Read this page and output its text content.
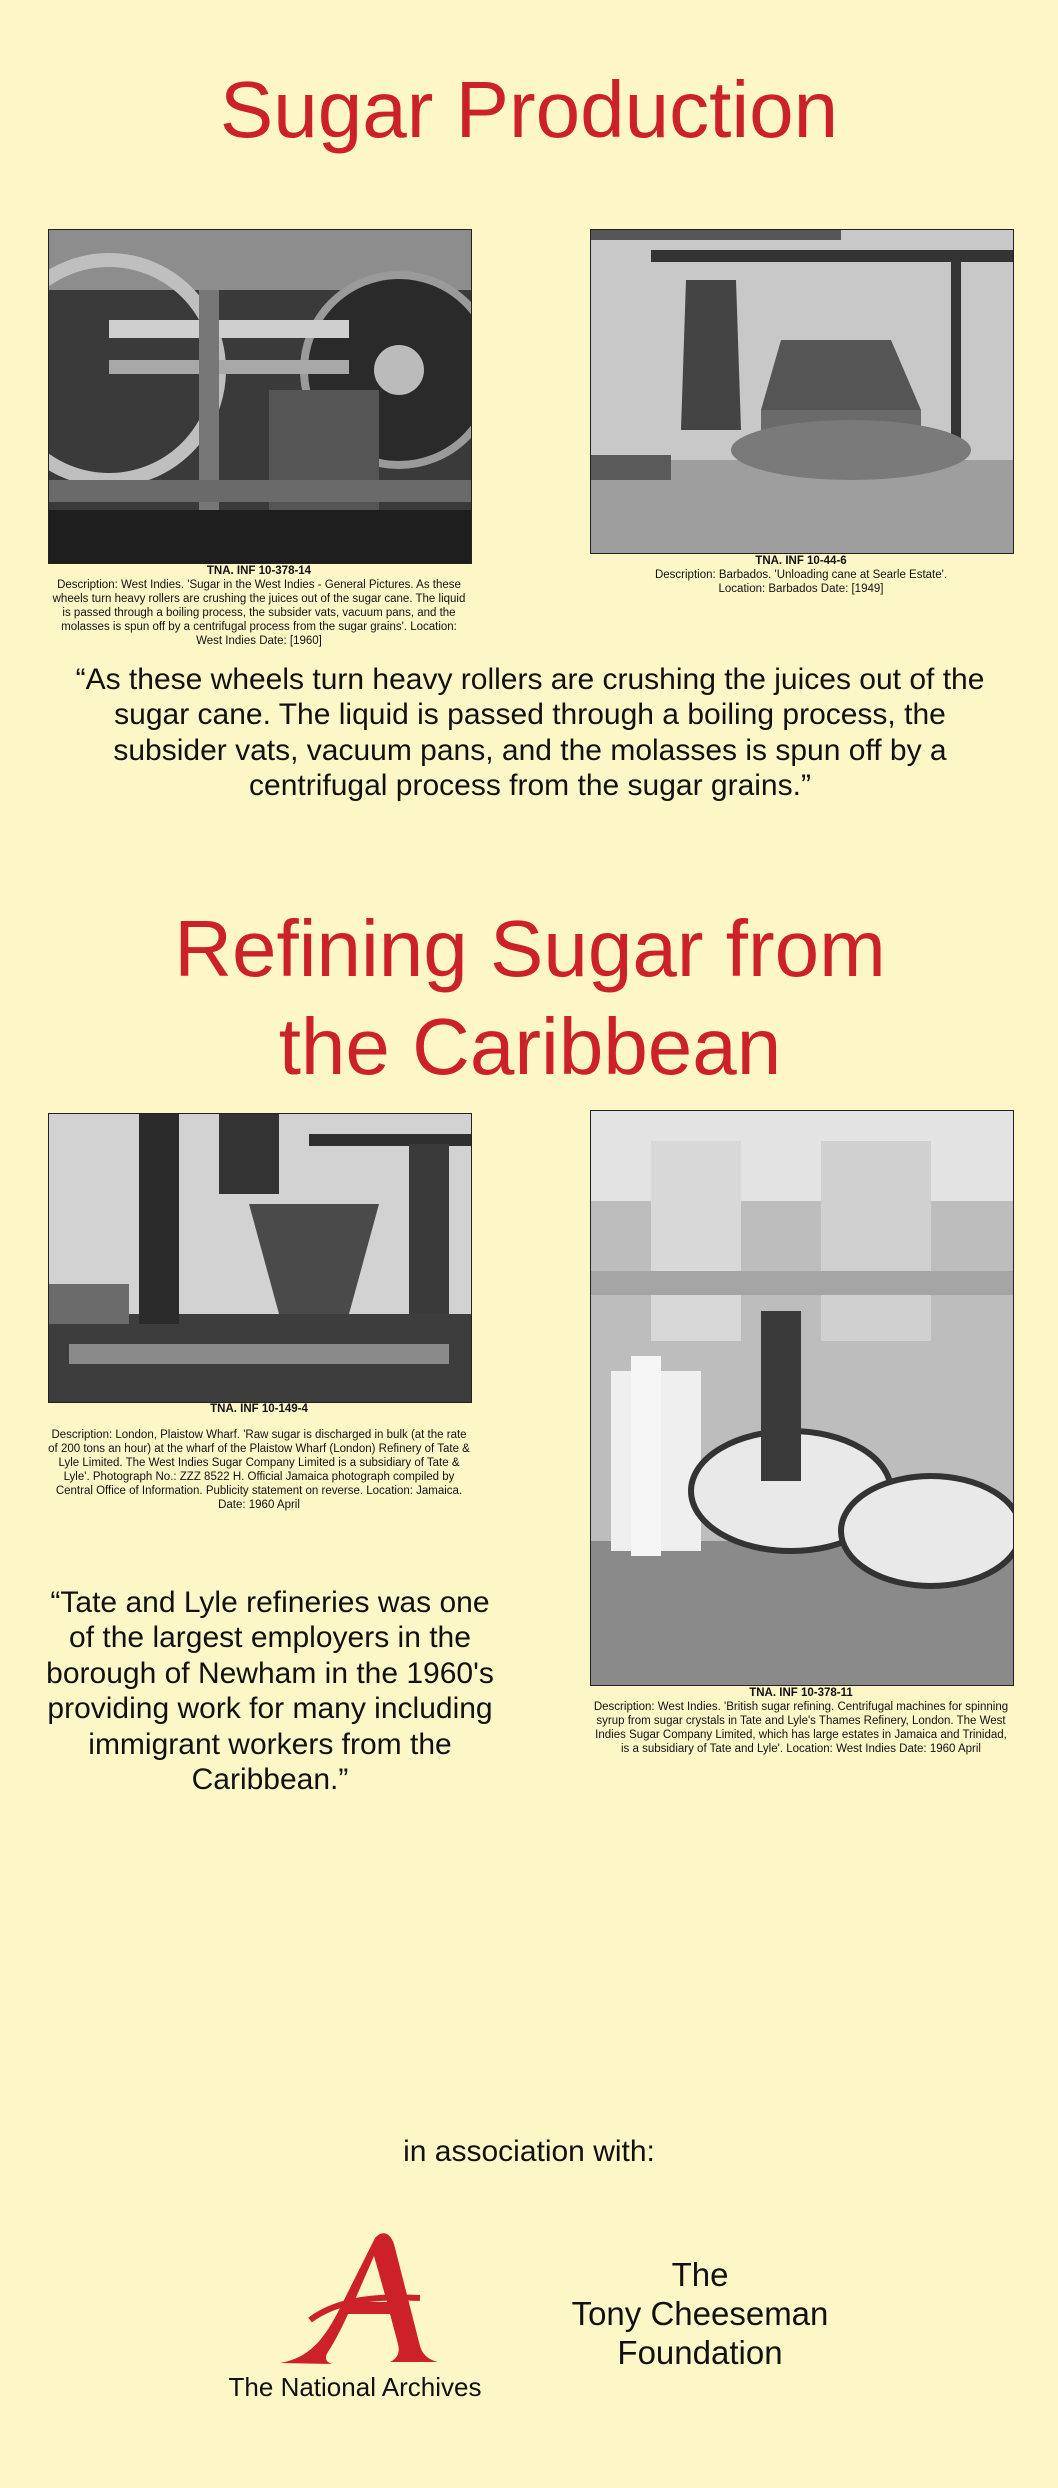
Sugar Production
TNA. INF 10-378-14
Description: West Indies. 'Sugar in the West Indies - General Pictures. As these wheels turn heavy rollers are crushing the juices out of the sugar cane. The liquid is passed through a boiling process, the subsider vats, vacuum pans, and the molasses is spun off by a centrifugal process from the sugar grains'. Location: West Indies Date: [1960]
TNA. INF 10-44-6
Description: Barbados. 'Unloading cane at Searle Estate'.
Location: Barbados Date: [1949]
“As these wheels turn heavy rollers are crushing the juices out of the sugar cane. The liquid is passed through a boiling process, the subsider vats, vacuum pans, and the molasses is spun off by a centrifugal process from the sugar grains.”
Refining Sugar from
the Caribbean
TNA. INF 10-149-4
Description: London, Plaistow Wharf. 'Raw sugar is discharged in bulk (at the rate of 200 tons an hour) at the wharf of the Plaistow Wharf (London) Refinery of Tate & Lyle Limited. The West Indies Sugar Company Limited is a subsidiary of Tate & Lyle'. Photograph No.: ZZZ 8522 H. Official Jamaica photograph compiled by Central Office of Information. Publicity statement on reverse. Location: Jamaica. Date: 1960 April
TNA. INF 10-378-11
Description: West Indies. 'British sugar refining. Centrifugal machines for spinning syrup from sugar crystals in Tate and Lyle's Thames Refinery, London. The West Indies Sugar Company Limited, which has large estates in Jamaica and Trinidad, is a subsidiary of Tate and Lyle'. Location: West Indies Date: 1960 April
“Tate and Lyle refineries was one of the largest employers in the borough of Newham in the 1960's providing work for many including immigrant workers from the Caribbean.”
in association with:
The National Archives
The
Tony Cheeseman
Foundation
